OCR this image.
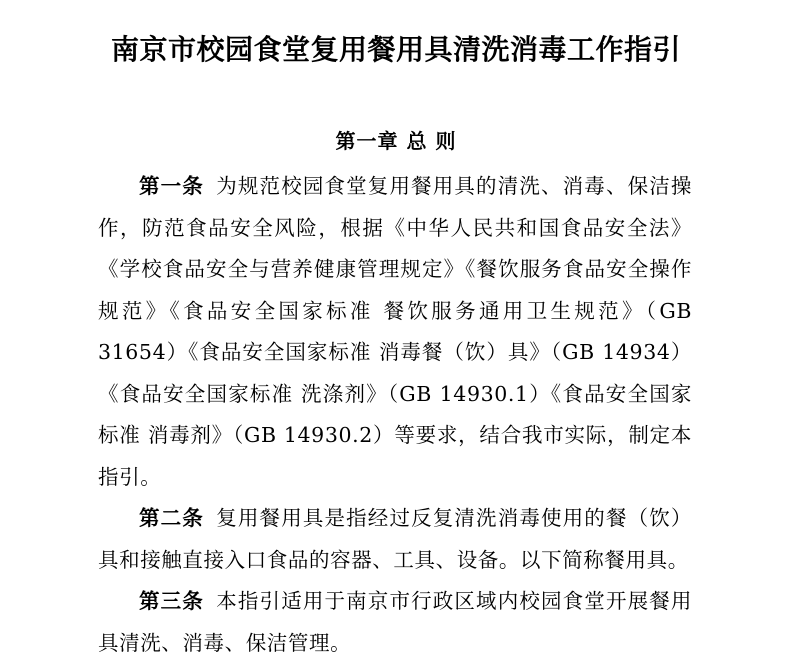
南京市校园食堂复用餐用具清洗消毒工作指引
第一章 总 则

第一条 为规范校园食堂复用餐用具的清洗、消毒、保洁操作，防范食品安全风险，根据《中华人民共和国食品安全法》《学校食品安全与营养健康管理规定》《餐饮服务食品安全操作规范》《食品安全国家标准 餐饮服务通用卫生规范》（GB 31654）《食品安全国家标准 消毒餐（饮）具》（GB 14934）《食品安全国家标准 洗涤剂》（GB 14930.1）《食品安全国家标准 消毒剂》（GB 14930.2）等要求，结合我市实际，制定本指引。

第二条 复用餐用具是指经过反复清洗消毒使用的餐（饮）具和接触直接入口食品的容器、工具、设备。以下简称餐用具。

第三条 本指引适用于南京市行政区域内校园食堂开展餐用具清洗、消毒、保洁管理。
